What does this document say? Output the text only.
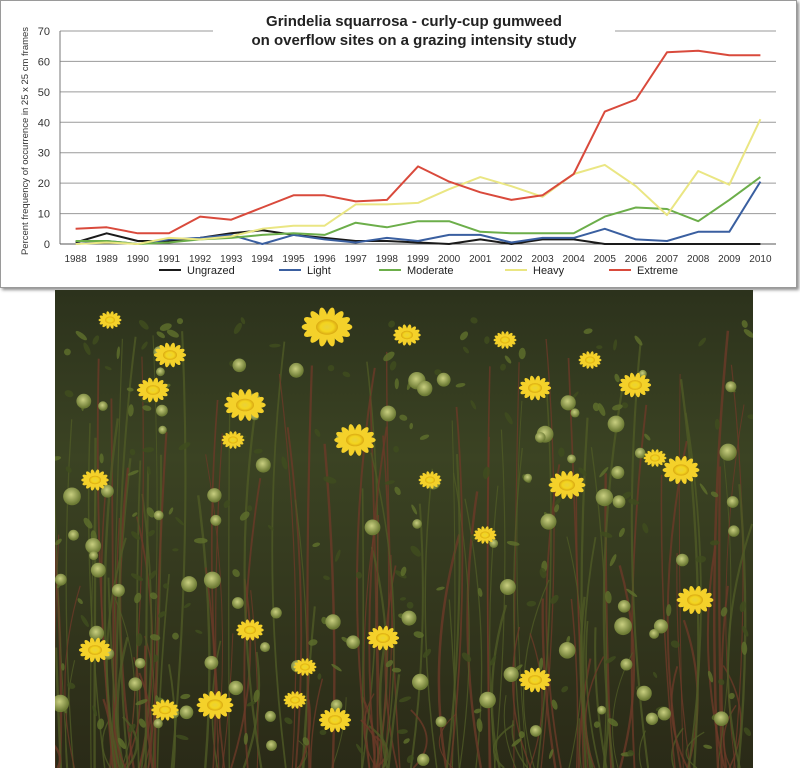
0
10
20
30
40
50
60
70
1988 1989 1990 1991 1992 1993 1994 1995 1996 1997 1998 1999 2000 2001 2002 2003 2004 2005 2006 2007 2008 2009 2010
Ungrazed	Light	Moderate	Heavy	Extreme
Grindelia squarrosa - curly-cup gumweed
on overflow sites on a grazing intensity study
Percent frequency of occurrence in 25 x 25 cm frames
